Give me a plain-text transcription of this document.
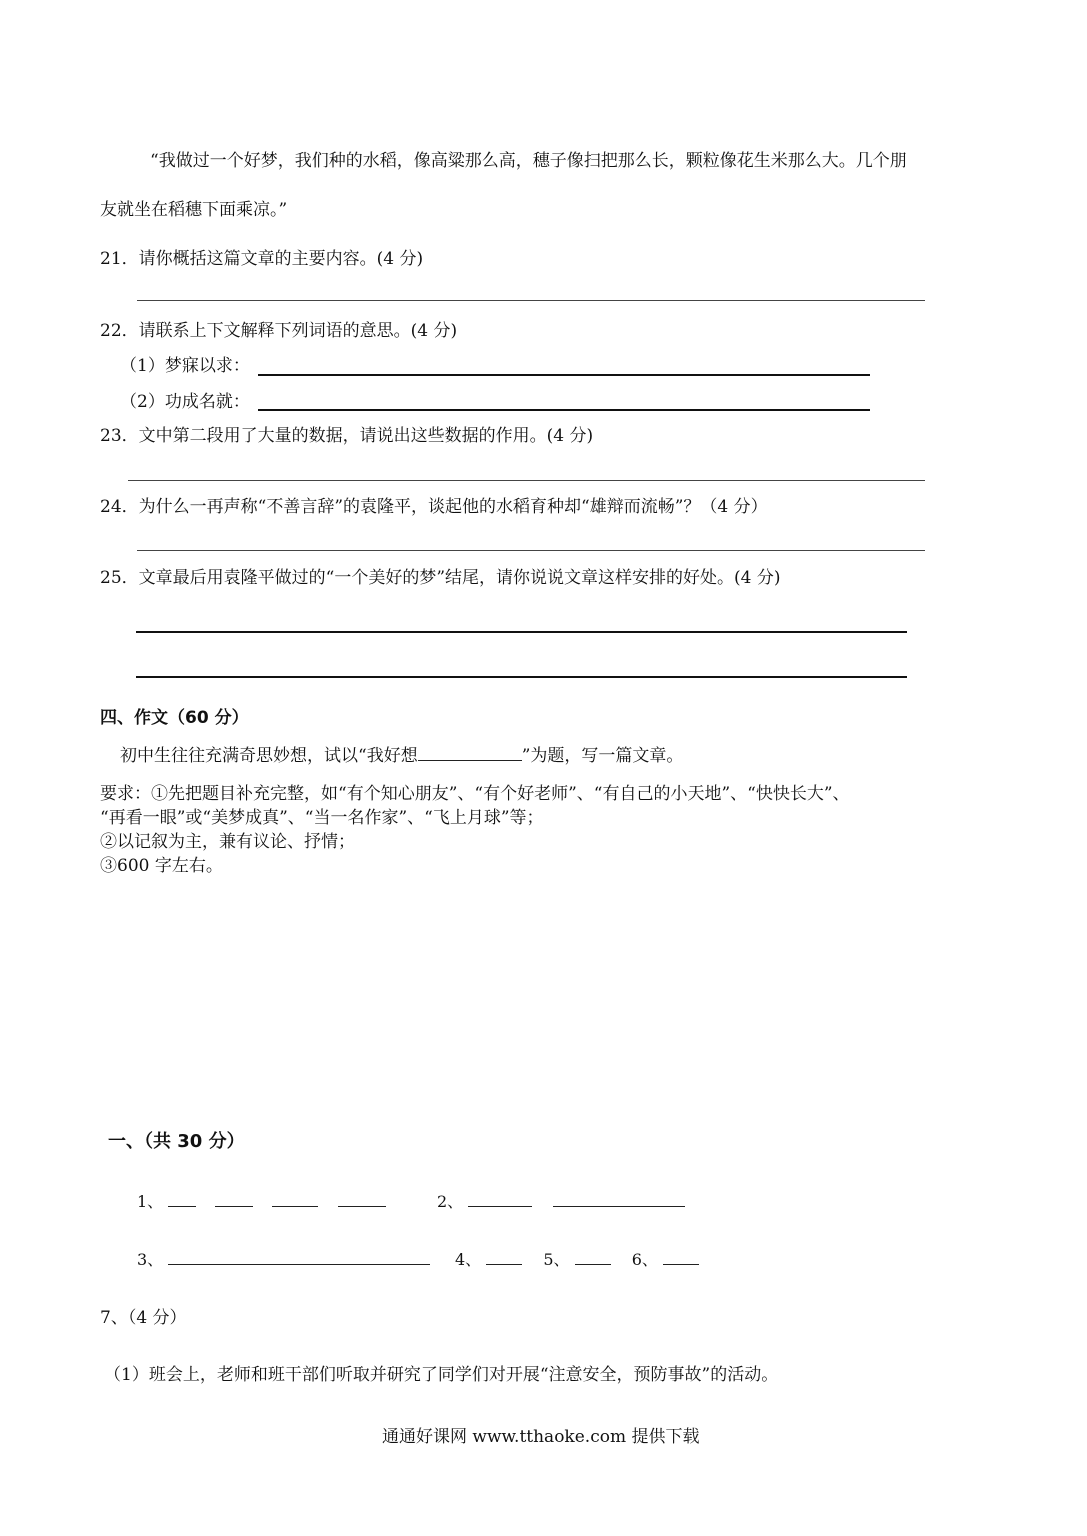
“我做过一个好梦，我们种的水稻，像高粱那么高，穗子像扫把那么长，颗粒像花生米那么大。几个朋
友就坐在稻穗下面乘凉。”
21．请你概括这篇文章的主要内容。(4 分)
22．请联系上下文解释下列词语的意思。(4 分)
（1）梦寐以求：
（2）功成名就：
23．文中第二段用了大量的数据，请说出这些数据的作用。(4 分)
24．为什么一再声称“不善言辞”的袁隆平，谈起他的水稻育种却“雄辩而流畅”？（4 分）
25．文章最后用袁隆平做过的“一个美好的梦”结尾，请你说说文章这样安排的好处。(4 分)
四、作文（60 分）
初中生往往充满奇思妙想，试以“我好想	”为题，写一篇文章。
要求：①先把题目补充完整，如“有个知心朋友”、“有个好老师”、“有自己的小天地”、“快快长大”、
“再看一眼”或“美梦成真”、“当一名作家”、“飞上月球”等；
②以记叙为主，兼有议论、抒情；
③600 字左右。
一、（共 30 分）
1、	2、
3、	4、	5、	6、
7、（4 分）
（1）班会上，老师和班干部们听取并研究了同学们对开展“注意安全，预防事故”的活动。
通通好课网 www.tthaoke.com 提供下载
